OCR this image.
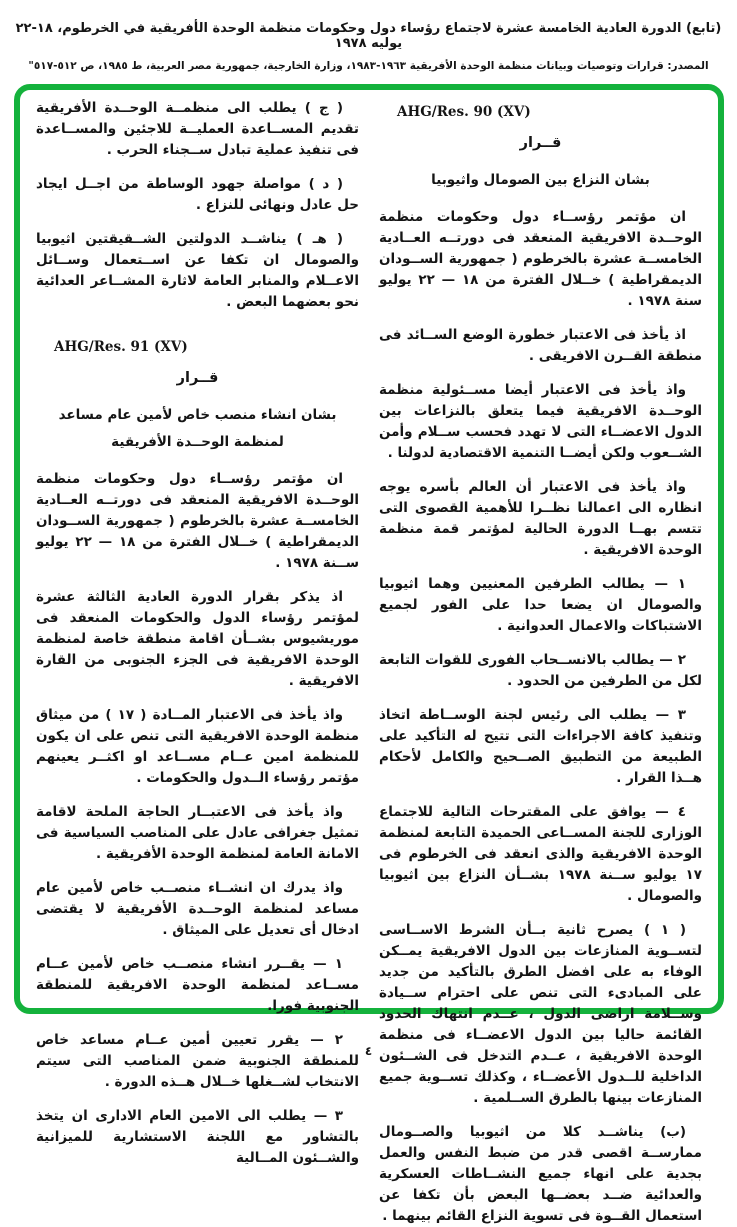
(تابع) الدورة العادية الخامسة عشرة لاجتماع رؤساء دول وحكومات منظمة الوحدة الأفريقية في الخرطوم، ١٨-٢٢ يوليه ١٩٧٨
المصدر: قرارات وتوصيات وبيانات منظمة الوحدة الأفريقية ١٩٦٣-١٩٨٣، وزارة الخارجية، جمهورية مصر العربية، ط ١٩٨٥، ص ٥١٢-٥١٧"
AHG/Res. 90 (XV)
قــرار
بشان النزاع بين الصومال واثيوبيا

ان مؤتمر رؤســاء دول وحكومات منظمة الوحــدة الافريقية المنعقد فى دورتــه العــادية الخامســة عشرة بالخرطوم ( جمهورية الســودان الديمقراطية ) خــلال الفترة من ١٨ — ٢٢ يوليو سنة ١٩٧٨ .

اذ يأخذ فى الاعتبار خطورة الوضع الســائد فى منطقة القــرن الافريقى .

واذ يأخذ فى الاعتبار أيضا مســئولية منظمة الوحــدة الافريقية فيما يتعلق بالنزاعات بين الدول الاعضــاء التى لا تهدد فحسب ســلام وأمن الشــعوب ولكن أيضــا التنمية الاقتصادية لدولنا .

واذ يأخذ فى الاعتبار أن العالم بأسره يوجه انظاره الى اعمالنا نظــرا للأهمية القصوى التى تتسم بهــا الدورة الحالية لمؤتمر قمة منظمة الوحدة الافريقية .

١ — يطالب الطرفين المعنيين وهما اثيوبيا والصومال ان يضعا حدا على الفور لجميع الاشتباكات والاعمال العدوانية .

٢ — يطالب بالانســحاب الفورى للقوات التابعة لكل من الطرفين من الحدود .

٣ — يطلب الى رئيس لجنة الوســاطة اتخاذ وتنفيذ كافة الاجراءات التى تتيح له التأكيد على الطبيعة من التطبيق الصــحيح والكامل لأحكام هــذا القرار .

٤ — يوافق على المقترحات التالية للاجتماع الوزارى للجنة المســاعى الحميدة التابعة لمنظمة الوحدة الافريقية والذى انعقد فى الخرطوم فى ١٧ يوليو ســنة ١٩٧٨ بشــأن النزاع بين اثيوبيا والصومال .

( ١ ) يصرح ثانية بــأن الشرط الاســاسى لتســوية المنازعات بين الدول الافريقية يمــكن الوفاء به على افضل الطرق بالتأكيد من جديد على المبادىء التى تنص على احترام ســيادة وســلامة اراضى الدول ، عــدم انتهاك الحدود القائمة حاليا بين الدول الاعضــاء فى منظمة الوحدة الافريقية ، عــدم التدخل فى الشــئون الداخلية للــدول الأعضــاء ، وكذلك تســوية جميع المنازعات بينها بالطرق الســلمية .

(ب) يناشــد كلا من اثيوبيا والصــومال ممارســة اقصى قدر من ضبط النفس والعمل بجدية على انهاء جميع النشــاطات العسكرية والعدائية ضــد بعضــها البعض بأن تكفا عن استعمال القــوة فى تسوية النزاع القائم بينهما .

( ج ) يطلب الى منظمــة الوحــدة الأفريقية تقديم المســاعدة العمليــة للاجئين والمســاعدة فى تنفيذ عملية تبادل ســجناء الحرب .

( د ) مواصلة جهود الوساطة من اجــل ايجاد حل عادل ونهائى للنزاع .

( هـ ) يناشــد الدولتين الشــقيقتين اثيوبيا والصومال ان تكفا عن اســتعمال وســائل الاعــلام والمنابر العامة لاثارة المشــاعر العدائية نحو بعضهما البعض .

AHG/Res. 91 (XV)
قــرار
بشان انشاء منصب خاص لأمين عام مساعد
لمنظمة الوحــدة الأفريقية

ان مؤتمر رؤســاء دول وحكومات منظمة الوحــدة الافريقية المنعقد فى دورتــه العــادية الخامســة عشرة بالخرطوم ( جمهورية الســودان الديمقراطية ) خــلال الفترة من ١٨ — ٢٢ يوليو ســنة ١٩٧٨ .

اذ يذكر بقرار الدورة العادية الثالثة عشرة لمؤتمر رؤساء الدول والحكومات المنعقد فى موريشيوس بشــأن اقامة منطقة خاصة لمنظمة الوحدة الافريقية فى الجزء الجنوبى من القارة الافريقية .

واذ يأخذ فى الاعتبار المــادة ( ١٧ ) من ميثاق منظمة الوحدة الافريقية التى تنص على ان يكون للمنظمة امين عــام مســاعد او اكثــر يعينهم مؤتمر رؤساء الــدول والحكومات .

واذ يأخذ فى الاعتبــار الحاجة الملحة لاقامة تمثيل جغرافى عادل على المناصب السياسية فى الامانة العامة لمنظمة الوحدة الأفريقية .

واذ يدرك ان انشــاء منصــب خاص لأمين عام مساعد لمنظمة الوحــدة الأفريقية لا يقتضى ادخال أى تعديل على الميثاق .

١ — يقــرر انشاء منصــب خاص لأمين عــام مســاعد لمنظمة الوحدة الافريقية للمنطقة الجنوبية فورا.

٢ — يقرر تعيين أمين عــام مساعد خاص للمنطقة الجنوبية ضمن المناصب التى سيتم الانتخاب لشــغلها خــلال هــذه الدورة .

٣ — يطلب الى الامين العام الادارى ان يتخذ بالتشاور مع اللجنة الاستشارية للميزانية والشــئون المــالية

٤
